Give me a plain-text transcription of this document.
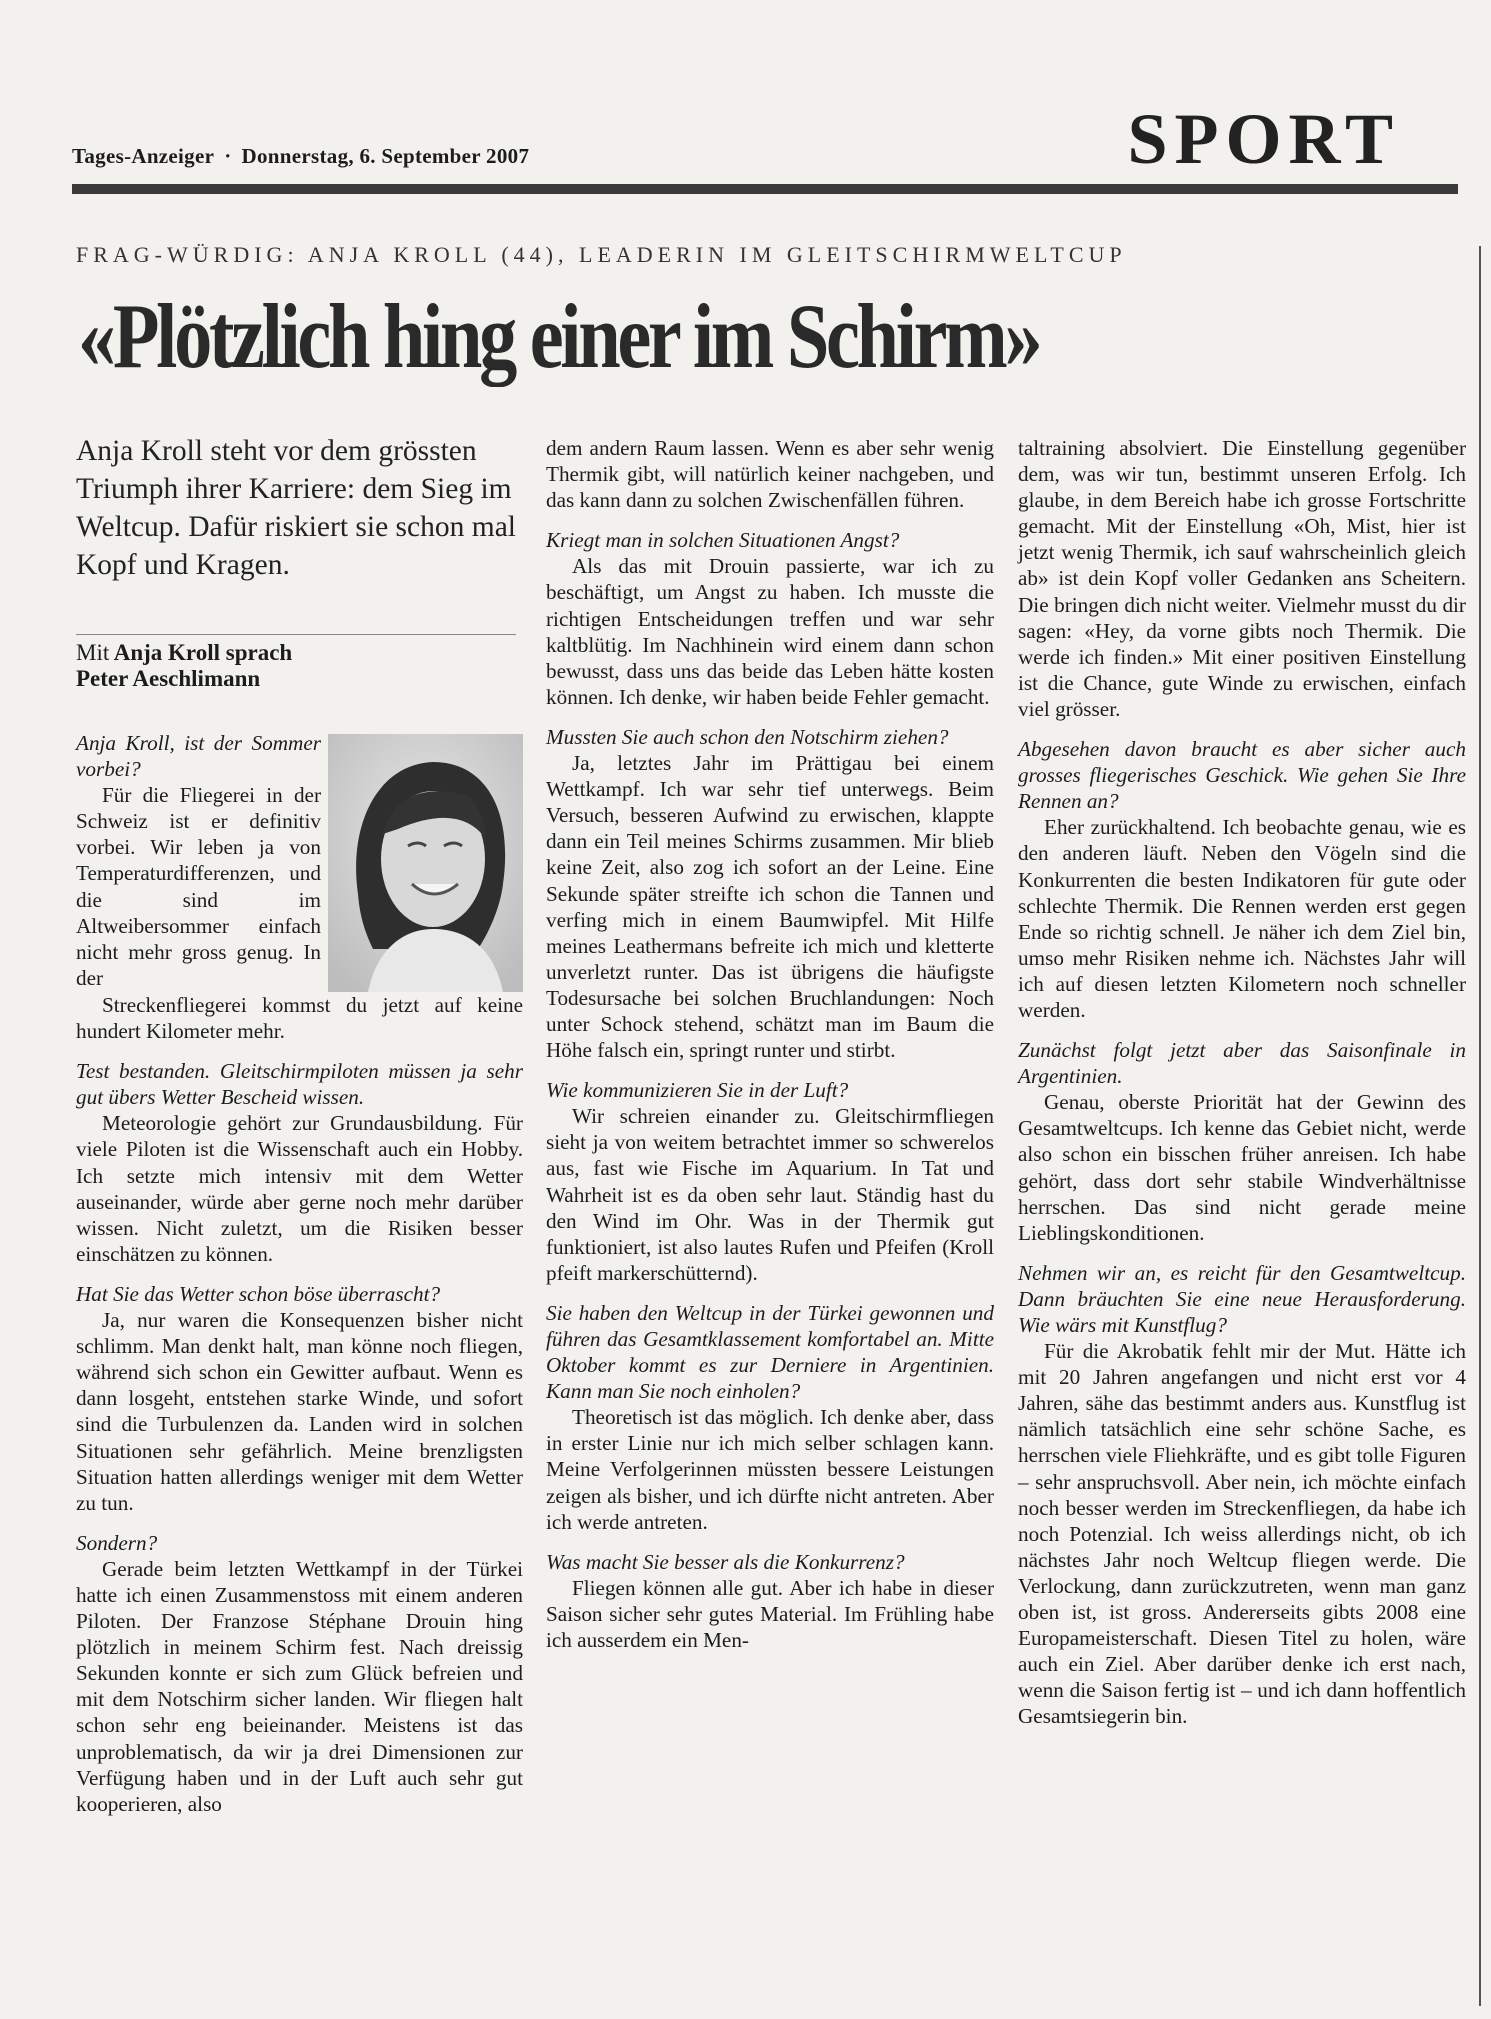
Tages-Anzeiger · Donnerstag, 6. September 2007	SPORT
FRAG-WÜRDIG: ANJA KROLL (44), LEADERIN IM GLEITSCHIRMWELTCUP
«Plötzlich hing einer im Schirm»
Anja Kroll steht vor dem grössten Triumph ihrer Karriere: dem Sieg im Weltcup. Dafür riskiert sie schon mal Kopf und Kragen.
Mit Anja Kroll sprach
Peter Aeschlimann

Anja Kroll, ist der Sommer vorbei?

Für die Fliegerei in der Schweiz ist er definitiv vorbei. Wir leben ja von Temperaturdifferenzen, und die sind im Altweibersommer einfach nicht mehr gross genug. In der

Streckenfliegerei kommst du jetzt auf keine hundert Kilometer mehr.

Test bestanden. Gleitschirmpiloten müssen ja sehr gut übers Wetter Bescheid wissen.

Meteorologie gehört zur Grundausbildung. Für viele Piloten ist die Wissenschaft auch ein Hobby. Ich setzte mich intensiv mit dem Wetter auseinander, würde aber gerne noch mehr darüber wissen. Nicht zuletzt, um die Risiken besser einschätzen zu können.

Hat Sie das Wetter schon böse überrascht?

Ja, nur waren die Konsequenzen bisher nicht schlimm. Man denkt halt, man könne noch fliegen, während sich schon ein Gewitter aufbaut. Wenn es dann losgeht, entstehen starke Winde, und sofort sind die Turbulenzen da. Landen wird in solchen Situationen sehr gefährlich. Meine brenzligsten Situation hatten allerdings weniger mit dem Wetter zu tun.

Sondern?

Gerade beim letzten Wettkampf in der Türkei hatte ich einen Zusammenstoss mit einem anderen Piloten. Der Franzose Stéphane Drouin hing plötzlich in meinem Schirm fest. Nach dreissig Sekunden konnte er sich zum Glück befreien und mit dem Notschirm sicher landen. Wir fliegen halt schon sehr eng beieinander. Meistens ist das unproblematisch, da wir ja drei Dimensionen zur Verfügung haben und in der Luft auch sehr gut kooperieren, also

dem andern Raum lassen. Wenn es aber sehr wenig Thermik gibt, will natürlich keiner nachgeben, und das kann dann zu solchen Zwischenfällen führen.

Kriegt man in solchen Situationen Angst?

Als das mit Drouin passierte, war ich zu beschäftigt, um Angst zu haben. Ich musste die richtigen Entscheidungen treffen und war sehr kaltblütig. Im Nachhinein wird einem dann schon bewusst, dass uns das beide das Leben hätte kosten können. Ich denke, wir haben beide Fehler gemacht.

Mussten Sie auch schon den Notschirm ziehen?

Ja, letztes Jahr im Prättigau bei einem Wettkampf. Ich war sehr tief unterwegs. Beim Versuch, besseren Aufwind zu erwischen, klappte dann ein Teil meines Schirms zusammen. Mir blieb keine Zeit, also zog ich sofort an der Leine. Eine Sekunde später streifte ich schon die Tannen und verfing mich in einem Baumwipfel. Mit Hilfe meines Leathermans befreite ich mich und kletterte unverletzt runter. Das ist übrigens die häufigste Todesursache bei solchen Bruchlandungen: Noch unter Schock stehend, schätzt man im Baum die Höhe falsch ein, springt runter und stirbt.

Wie kommunizieren Sie in der Luft?

Wir schreien einander zu. Gleitschirmfliegen sieht ja von weitem betrachtet immer so schwerelos aus, fast wie Fische im Aquarium. In Tat und Wahrheit ist es da oben sehr laut. Ständig hast du den Wind im Ohr. Was in der Thermik gut funktioniert, ist also lautes Rufen und Pfeifen (Kroll pfeift markerschütternd).

Sie haben den Weltcup in der Türkei gewonnen und führen das Gesamtklassement komfortabel an. Mitte Oktober kommt es zur Derniere in Argentinien. Kann man Sie noch einholen?

Theoretisch ist das möglich. Ich denke aber, dass in erster Linie nur ich mich selber schlagen kann. Meine Verfolgerinnen müssten bessere Leistungen zeigen als bisher, und ich dürfte nicht antreten. Aber ich werde antreten.

Was macht Sie besser als die Konkurrenz?

Fliegen können alle gut. Aber ich habe in dieser Saison sicher sehr gutes Material. Im Frühling habe ich ausserdem ein Men-

taltraining absolviert. Die Einstellung gegenüber dem, was wir tun, bestimmt unseren Erfolg. Ich glaube, in dem Bereich habe ich grosse Fortschritte gemacht. Mit der Einstellung «Oh, Mist, hier ist jetzt wenig Thermik, ich sauf wahrscheinlich gleich ab» ist dein Kopf voller Gedanken ans Scheitern. Die bringen dich nicht weiter. Vielmehr musst du dir sagen: «Hey, da vorne gibts noch Thermik. Die werde ich finden.» Mit einer positiven Einstellung ist die Chance, gute Winde zu erwischen, einfach viel grösser.

Abgesehen davon braucht es aber sicher auch grosses fliegerisches Geschick. Wie gehen Sie Ihre Rennen an?

Eher zurückhaltend. Ich beobachte genau, wie es den anderen läuft. Neben den Vögeln sind die Konkurrenten die besten Indikatoren für gute oder schlechte Thermik. Die Rennen werden erst gegen Ende so richtig schnell. Je näher ich dem Ziel bin, umso mehr Risiken nehme ich. Nächstes Jahr will ich auf diesen letzten Kilometern noch schneller werden.

Zunächst folgt jetzt aber das Saisonfinale in Argentinien.

Genau, oberste Priorität hat der Gewinn des Gesamtweltcups. Ich kenne das Gebiet nicht, werde also schon ein bisschen früher anreisen. Ich habe gehört, dass dort sehr stabile Windverhältnisse herrschen. Das sind nicht gerade meine Lieblingskonditionen.

Nehmen wir an, es reicht für den Gesamtweltcup. Dann bräuchten Sie eine neue Herausforderung. Wie wärs mit Kunstflug?

Für die Akrobatik fehlt mir der Mut. Hätte ich mit 20 Jahren angefangen und nicht erst vor 4 Jahren, sähe das bestimmt anders aus. Kunstflug ist nämlich tatsächlich eine sehr schöne Sache, es herrschen viele Fliehkräfte, und es gibt tolle Figuren – sehr anspruchsvoll. Aber nein, ich möchte einfach noch besser werden im Streckenfliegen, da habe ich noch Potenzial. Ich weiss allerdings nicht, ob ich nächstes Jahr noch Weltcup fliegen werde. Die Verlockung, dann zurückzutreten, wenn man ganz oben ist, ist gross. Andererseits gibts 2008 eine Europameisterschaft. Diesen Titel zu holen, wäre auch ein Ziel. Aber darüber denke ich erst nach, wenn die Saison fertig ist – und ich dann hoffentlich Gesamtsiegerin bin.
